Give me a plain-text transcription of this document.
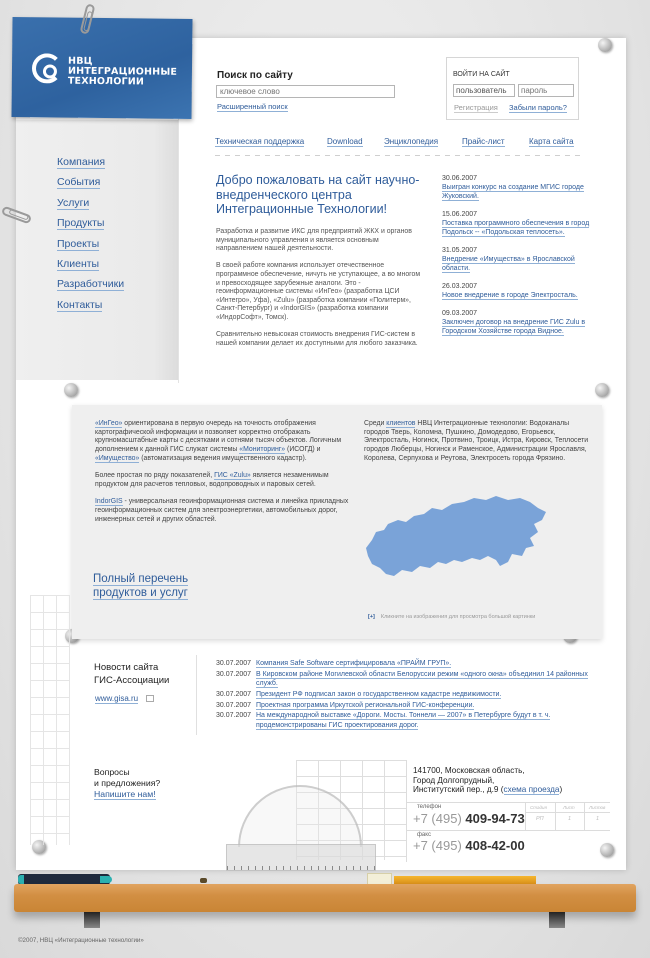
НВЦ
ИНТЕГРАЦИОННЫЕ
ТЕХНОЛОГИИ
Поиск по сайту
ключевое слово
Расширенный поиск
ВОЙТИ НА САЙТ
пользователь
Регистрация Забыли пароль?
Техническая поддержка	Download	Энциклопедия	Прайс-лист	Карта сайта
Компания
События
Услуги
Продукты
Проекты
Клиенты
Разработчики
Контакты
Добро пожаловать на сайт научно-внедренческого центра Интеграционные Технологии!

Разработка и развитие ИКС для предприятий ЖКХ и органов муниципального управления и является основным направлением нашей деятельности.

В своей работе компания использует отечественное программное обеспечение, ничуть не уступающее, а во многом и превосходящее зарубежные аналоги. Это - геоинформационные системы «ИнГео» (разработка ЦСИ «Интегро», Уфа), «Zulu» (разработка компании «Политерм», Санкт-Петербург) и «IndorGIS» (разработка компании «ИндорСофт», Томск).

Сравнительно невысокая стоимость внедрения ГИС-систем в нашей компании делает их доступными для любого заказчика.

30.06.2007
Выигран конкурс на создание МГИС городе Жуковский.
15.06.2007
Поставка программного обеспечения в город Подольск -- «Подольская теплосеть».
31.05.2007
Внедрение «Имущества» в Ярославской области.
26.03.2007
Новое внедрение в городе Электросталь.
09.03.2007
Заключен договор на внедрение ГИС Zulu в Городском Хозяйстве города Видное.

«ИнГео» ориентирована в первую очередь на точность отображения картографической информации и позволяет корректно отображать крупномасштабные карты с десятками и сотнями тысяч объектов. Логичным дополнением к данной ГИС служат системы «Мониторинг» (ИСОГД) и «Имущество» (автоматизация ведения имущественного кадастр).

Более простая по ряду показателей, ГИС «Zulu» является незаменимым продуктом для расчетов тепловых, водопроводных и паровых сетей.

IndorGIS - универсальная геоинформационная система и линейка прикладных геоинформационных систем для электроэнергетики, автомобильных дорог, инженерных сетей и других областей.

Полный перечень
продуктов и услуг
Среди клиентов НВЦ Интеграционные технологии: Водоканалы городов Тверь, Коломна, Пушкино, Домодедово, Егорьевск, Электросталь, Ногинск, Протвино, Троицк, Истра, Кировск, Теплосети городов Люберцы, Ногинск и Раменское, Администрации Ярославля, Королева, Серпухова и Реутова, Электросеть города Фрязино.
[+] Кликните на изображения для просмотра большой картинки
Новости сайта
ГИС-Ассоциации
www.gisa.ru
30.07.2007 Компания Safe Software сертифицировала «ПРАЙМ ГРУП».
30.07.2007 В Кировском районе Могилевской области Белоруссии режим «одного окна» объединил 14 районных служб.
30.07.2007 Президент РФ подписал закон о государственном кадастре недвижимости.
30.07.2007 Проектная программа Иркутской региональной ГИС-конференции.
30.07.2007 На международной выставке «Дороги. Мосты. Тоннели — 2007» в Петербурге будут в т. ч. продемонстрированы ГИС проектирования дорог.
Вопросы
и предложения?
Напишите нам!
141700, Московская область,
Город Долгопрудный,
Институтский пер., д.9 (схема проезда)
Стадия	Лист	Листов
РП	1	1
телефон
+7 (495) 409-94-73
факс
+7 (495) 408-42-00
©2007, НВЦ «Интеграционные технологии»
